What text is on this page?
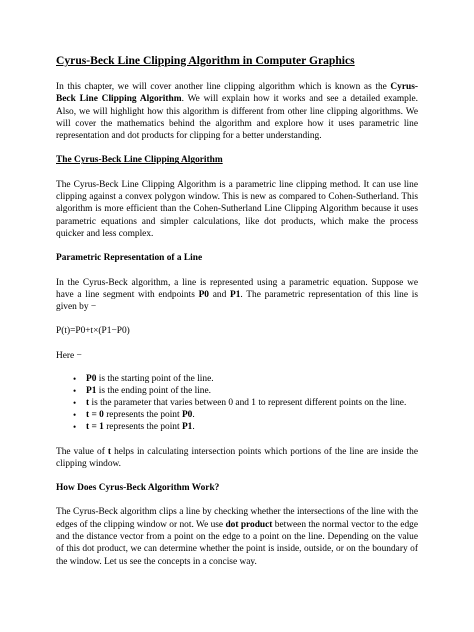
Cyrus-Beck Line Clipping Algorithm in Computer Graphics

In this chapter, we will cover another line clipping algorithm which is known as the Cyrus-Beck Line Clipping Algorithm. We will explain how it works and see a detailed example. Also, we will highlight how this algorithm is different from other line clipping algorithms. We will cover the mathematics behind the algorithm and explore how it uses parametric line representation and dot products for clipping for a better understanding.

The Cyrus-Beck Line Clipping Algorithm

The Cyrus-Beck Line Clipping Algorithm is a parametric line clipping method. It can use line clipping against a convex polygon window. This is new as compared to Cohen-Sutherland. This algorithm is more efficient than the Cohen-Sutherland Line Clipping Algorithm because it uses parametric equations and simpler calculations, like dot products, which make the process quicker and less complex.

Parametric Representation of a Line

In the Cyrus-Beck algorithm, a line is represented using a parametric equation. Suppose we have a line segment with endpoints P0 and P1. The parametric representation of this line is given by −

P(t)=P0+t×(P1−P0)
Here −
• P0 is the starting point of the line.
• P1 is the ending point of the line.
• t is the parameter that varies between 0 and 1 to represent different points on the line.
• t = 0 represents the point P0.
• t = 1 represents the point P1.

The value of t helps in calculating intersection points which portions of the line are inside the clipping window.

How Does Cyrus-Beck Algorithm Work?

The Cyrus-Beck algorithm clips a line by checking whether the intersections of the line with the edges of the clipping window or not. We use dot product between the normal vector to the edge and the distance vector from a point on the edge to a point on the line. Depending on the value of this dot product, we can determine whether the point is inside, outside, or on the boundary of the window. Let us see the concepts in a concise way.
